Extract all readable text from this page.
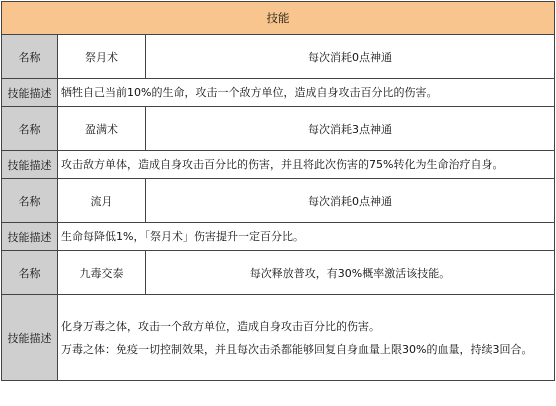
技能		
名称	祭月术	每次消耗0点神通
技能描述	牺牲自己当前10%的生命，攻击一个敌方单位，造成自身攻击百分比的伤害。	
名称	盈满术	每次消耗3点神通
技能描述	攻击敌方单体，造成自身攻击百分比的伤害，并且将此次伤害的75%转化为生命治疗自身。	
名称	流月	每次消耗0点神通
技能描述	生命每降低1%，「祭月术」伤害提升一定百分比。	
名称	九毒交泰	每次释放普攻，有30%概率激活该技能。
技能描述	化身万毒之体，攻击一个敌方单位，造成自身攻击百分比的伤害。
万毒之体：免疫一切控制效果，并且每次击杀都能够回复自身血量上限30%的血量，持续3回合。	
